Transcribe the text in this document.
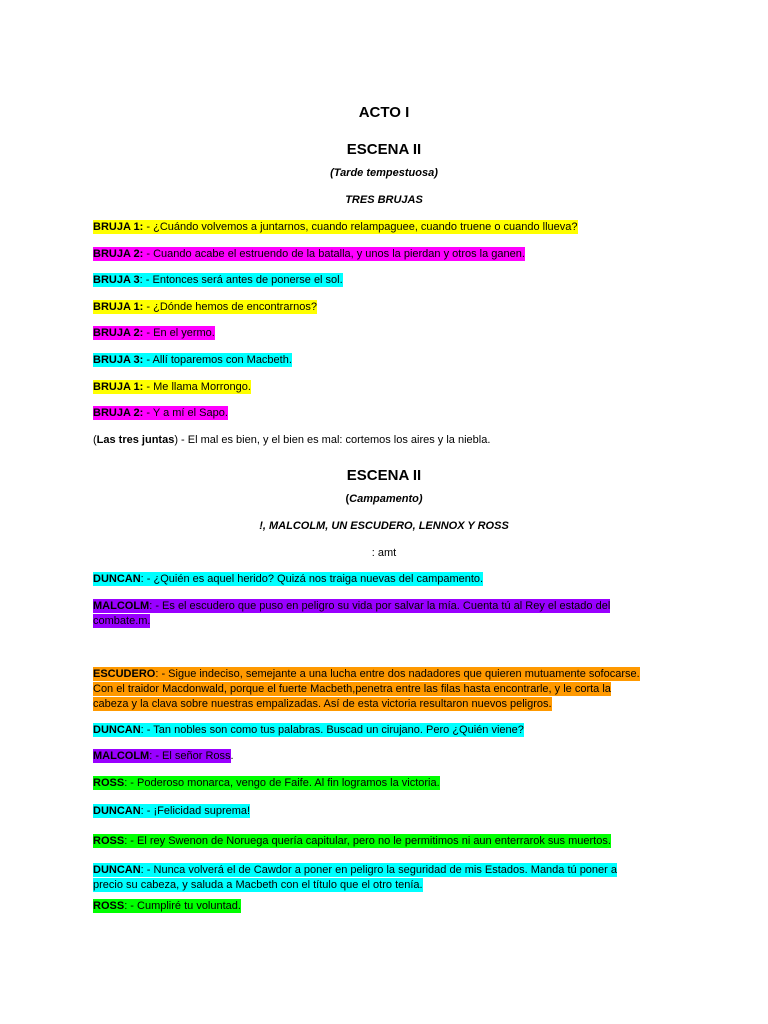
ACTO I
ESCENA II
(Tarde tempestuosa)
TRES BRUJAS
BRUJA 1: - ¿Cuándo volvemos a juntarnos, cuando relampaguee, cuando truene o cuando llueva?
BRUJA 2: - Cuando acabe el estruendo de la batalla, y unos la pierdan y otros la ganen.
BRUJA 3: - Entonces será antes de ponerse el sol.
BRUJA 1: - ¿Dónde hemos de encontrarnos?
BRUJA 2: - En el yermo.
BRUJA 3: - Allí toparemos con Macbeth.
BRUJA 1: - Me llama Morrongo.
BRUJA 2: - Y a mí el Sapo.
(Las tres juntas) - El mal es bien, y el bien es mal: cortemos los aires y la niebla.
ESCENA II
(Campamento)
!, MALCOLM, UN ESCUDERO, LENNOX Y ROSS
: amt
DUNCAN: - ¿Quién es aquel herido? Quizá nos traiga nuevas del campamento.
MALCOLM: - Es el escudero que puso en peligro su vida por salvar la mía. Cuenta tú al Rey el estado del
combate.m.
ESCUDERO: - Sigue indeciso, semejante a una lucha entre dos nadadores que quieren mutuamente sofocarse.
Con el traidor Macdonwald, porque el fuerte Macbeth,penetra entre las filas hasta encontrarle, y le corta la
cabeza y la clava sobre nuestras empalizadas. Así de esta victoria resultaron nuevos peligros.
DUNCAN: - Tan nobles son como tus palabras. Buscad un cirujano. Pero ¿Quién viene?
MALCOLM: - El señor Ross.
ROSS: - Poderoso monarca, vengo de Faife. Al fin logramos la victoria.
DUNCAN: - ¡Felicidad suprema!
ROSS: - El rey Swenon de Noruega quería capitular, pero no le permitimos ni aun enterrarok sus muertos.
DUNCAN: - Nunca volverá el de Cawdor a poner en peligro la seguridad de mis Estados. Manda tú poner a
precio su cabeza, y saluda a Macbeth con el título que el otro tenía.
ROSS: - Cumpliré tu voluntad.
